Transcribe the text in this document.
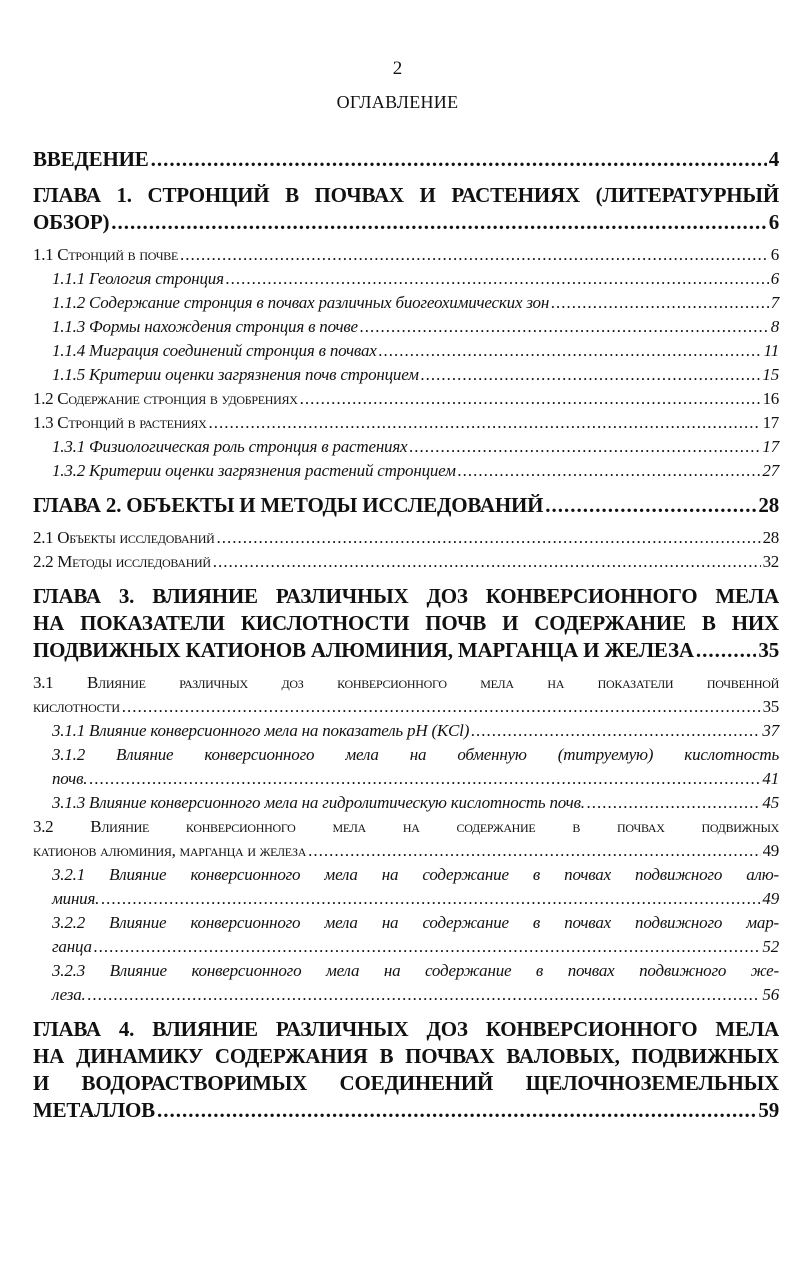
2
ОГЛАВЛЕНИЕ
ВВЕДЕНИЕ .....	4
ГЛАВА 1. СТРОНЦИЙ В ПОЧВАХ И РАСТЕНИЯХ (ЛИТЕРАТУРНЫЙ
ОБЗОР) .....	6
1.1 Стронций в почве .....	6
1.1.1 Геология стронция .....	6
1.1.2 Содержание стронция в почвах различных биогеохимических зон .....	7
1.1.3 Формы нахождения стронция в почве .....	8
1.1.4 Миграция соединений стронция в почвах .....	11
1.1.5 Критерии оценки загрязнения почв стронцием .....	15
1.2 Содержание стронция в удобрениях .....	16
1.3 Стронций в растениях .....	17
1.3.1 Физиологическая роль стронция в растениях .....	17
1.3.2 Критерии оценки загрязнения растений стронцием .....	27
ГЛАВА 2. ОБЪЕКТЫ И МЕТОДЫ ИССЛЕДОВАНИЙ .....	28
2.1 Объекты исследований .....	28
2.2 Методы исследований .....	32
ГЛАВА 3. ВЛИЯНИЕ РАЗЛИЧНЫХ ДОЗ КОНВЕРСИОННОГО МЕЛА
НА ПОКАЗАТЕЛИ КИСЛОТНОСТИ ПОЧВ И СОДЕРЖАНИЕ В НИХ
ПОДВИЖНЫХ КАТИОНОВ АЛЮМИНИЯ, МАРГАНЦА И ЖЕЛЕЗА .....	35
3.1 Влияние различных доз конверсионного мела на показатели почвенной
кислотности .....	35
3.1.1 Влияние конверсионного мела на показатель pH (KCl) .....	37
3.1.2 Влияние конверсионного мела на обменную (титруемую) кислотность
почв. .....	41
3.1.3 Влияние конверсионного мела на гидролитическую кислотность почв. .....	45
3.2 Влияние конверсионного мела на содержание в почвах подвижных
катионов алюминия, марганца и железа .....	49
3.2.1 Влияние конверсионного мела на содержание в почвах подвижного алю-
миния. .....	49
3.2.2 Влияние конверсионного мела на содержание в почвах подвижного мар-
ганца .....	52
3.2.3 Влияние конверсионного мела на содержание в почвах подвижного же-
леза. .....	56
ГЛАВА 4. ВЛИЯНИЕ РАЗЛИЧНЫХ ДОЗ КОНВЕРСИОННОГО МЕЛА
НА ДИНАМИКУ СОДЕРЖАНИЯ В ПОЧВАХ ВАЛОВЫХ, ПОДВИЖНЫХ
И ВОДОРАСТВОРИМЫХ СОЕДИНЕНИЙ ЩЕЛОЧНОЗЕМЕЛЬНЫХ
МЕТАЛЛОВ .....	59
